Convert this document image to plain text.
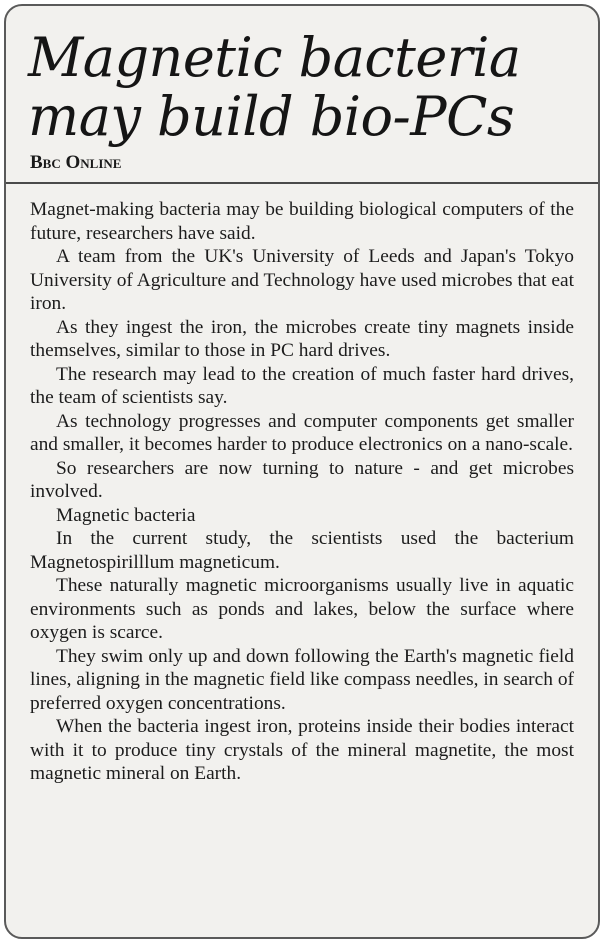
Magnetic bacteria
may build bio-PCs
Bbc Online

Magnet-making bacteria may be building biological computers of the future, researchers have said.

A team from the UK's University of Leeds and Japan's Tokyo University of Agriculture and Technology have used microbes that eat iron.

As they ingest the iron, the microbes create tiny magnets inside themselves, similar to those in PC hard drives.

The research may lead to the creation of much faster hard drives, the team of scientists say.

As technology progresses and computer components get smaller and smaller, it becomes harder to produce electronics on a nano-scale.

So researchers are now turning to nature - and get microbes involved.

Magnetic bacteria

In the current study, the scientists used the bacterium Magnetospirilllum magneticum.

These naturally magnetic microorganisms usually live in aquatic environments such as ponds and lakes, below the surface where oxygen is scarce.

They swim only up and down following the Earth's magnetic field lines, aligning in the magnetic field like compass needles, in search of preferred oxygen concentrations.

When the bacteria ingest iron, proteins inside their bodies interact with it to produce tiny crystals of the mineral magnetite, the most magnetic mineral on Earth.
